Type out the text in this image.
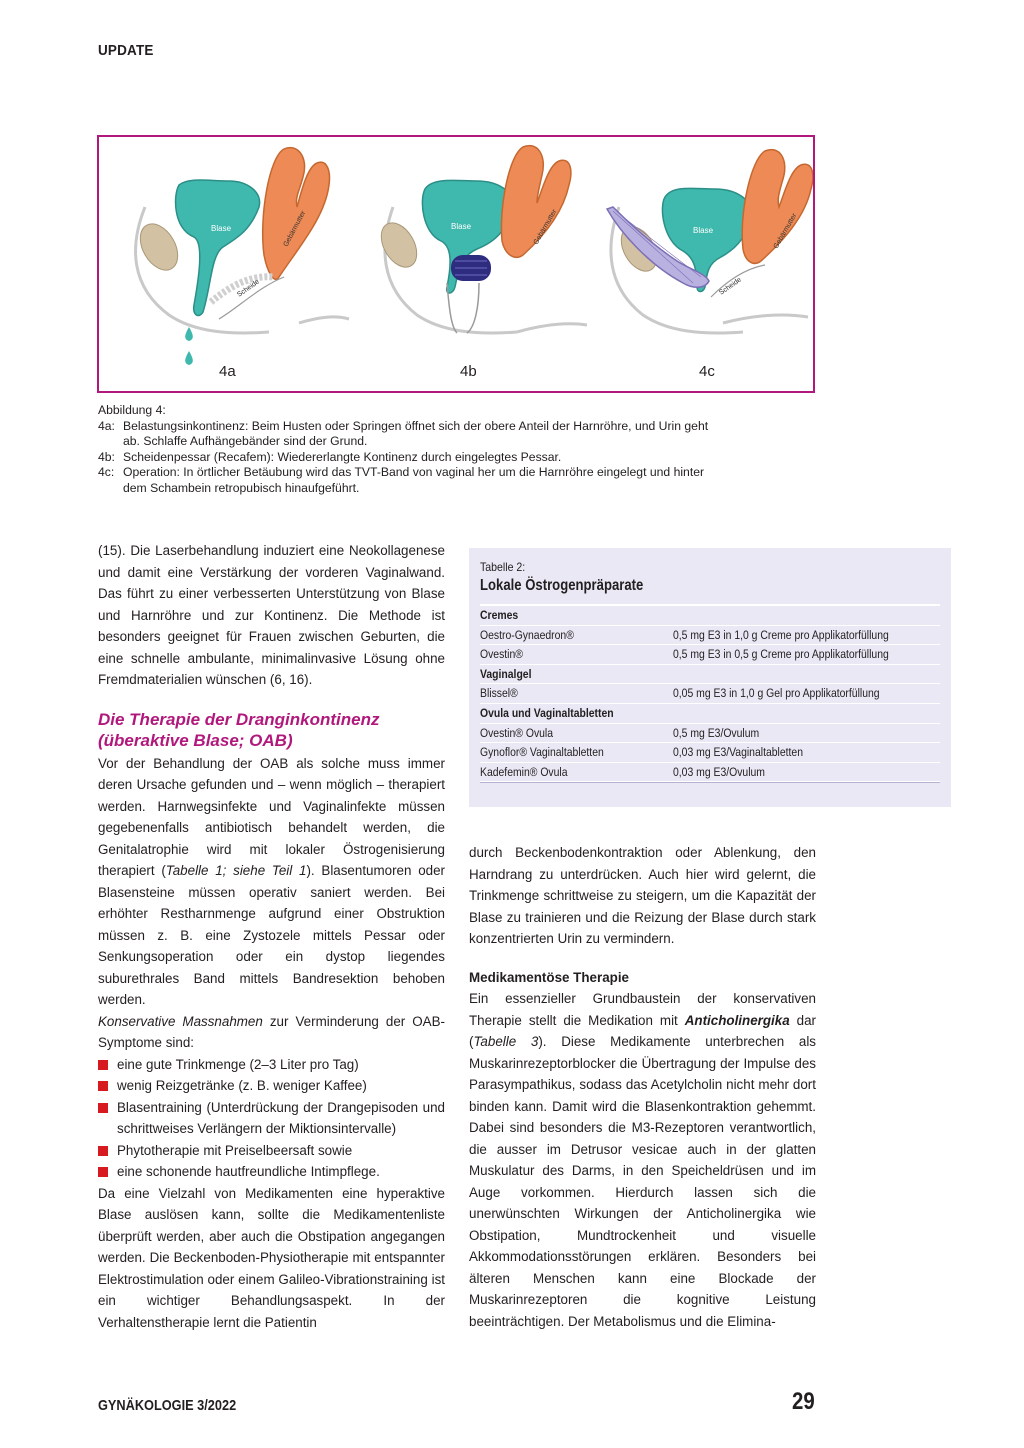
UPDATE
Blase	Gebärmutter
Scheide
Blase	Gebärmutter	Blase	Gebärmutter
Scheide
4a	4b	4c
Abbildung 4:
4a: Belastungsinkontinenz: Beim Husten oder Springen öffnet sich der obere Anteil der Harnröhre, und Urin geht
ab. Schlaffe Aufhängebänder sind der Grund.
4b: Scheidenpessar (Recafem): Wiedererlangte Kontinenz durch eingelegtes Pessar.
4c: Operation: In örtlicher Betäubung wird das TVT-Band von vaginal her um die Harnröhre eingelegt und hinter
dem Schambein retropubisch hinaufgeführt.

(15). Die Laserbehandlung induziert eine Neokollagenese und damit eine Verstärkung der vorderen Vaginalwand. Das führt zu einer verbesserten Unterstützung von Blase und Harnröhre und zur Kontinenz. Die Methode ist besonders geeignet für Frauen zwischen Geburten, die eine schnelle ambulante, minimalinvasive Lösung ohne Fremdmaterialien wünschen (6, 16).

Die Therapie der Dranginkontinenz (überaktive Blase; OAB)

Vor der Behandlung der OAB als solche muss immer deren Ursache gefunden und – wenn möglich – therapiert werden. Harnwegsinfekte und Vaginalinfekte müssen gegebenenfalls antibiotisch behandelt werden, die Genitalatrophie wird mit lokaler Östrogenisierung therapiert (Tabelle 1; siehe Teil 1). Blasentumoren oder Blasensteine müssen operativ saniert werden. Bei erhöhter Restharnmenge aufgrund einer Obstruktion müssen z. B. eine Zystozele mittels Pessar oder Senkungsoperation oder ein dystop liegendes suburethrales Band mittels Bandresektion behoben werden.

Konservative Massnahmen zur Verminderung der OAB-Symptome sind:

eine gute Trinkmenge (2–3 Liter pro Tag)
wenig Reizgetränke (z. B. weniger Kaffee)
Blasentraining (Unterdrückung der Drangepisoden und schrittweises Verlängern der Miktionsintervalle)
Phytotherapie mit Preiselbeersaft sowie
eine schonende hautfreundliche Intimpflege.

Da eine Vielzahl von Medikamenten eine hyperaktive Blase auslösen kann, sollte die Medikamentenliste überprüft werden, aber auch die Obstipation angegangen werden. Die Beckenboden-Physiotherapie mit entspannter Elektrostimulation oder einem Galileo-Vibrationstraining ist ein wichtiger Behandlungsaspekt. In der Verhaltenstherapie lernt die Patientin

Tabelle 2:
Lokale Östrogenpräparate
Cremes
Oestro-Gynaedron®	0,5 mg E3 in 1,0 g Creme pro Applikatorfüllung
Ovestin®	0,5 mg E3 in 0,5 g Creme pro Applikatorfüllung
Vaginalgel
Blissel®	0,05 mg E3 in 1,0 g Gel pro Applikatorfüllung
Ovula und Vaginaltabletten
Ovestin® Ovula	0,5 mg E3/Ovulum
Gynoflor® Vaginaltabletten	0,03 mg E3/Vaginaltabletten
Kadefemin® Ovula	0,03 mg E3/Ovulum

durch Beckenbodenkontraktion oder Ablenkung, den Harndrang zu unterdrücken. Auch hier wird gelernt, die Trinkmenge schrittweise zu steigern, um die Kapazität der Blase zu trainieren und die Reizung der Blase durch stark konzentrierten Urin zu vermindern.

Medikamentöse Therapie

Ein essenzieller Grundbaustein der konservativen Therapie stellt die Medikation mit Anticholinergika dar (Tabelle 3). Diese Medikamente unterbrechen als Muskarinrezeptorblocker die Übertragung der Impulse des Parasympathikus, sodass das Acetylcholin nicht mehr dort binden kann. Damit wird die Blasenkontraktion gehemmt. Dabei sind besonders die M3-Rezeptoren verantwortlich, die ausser im Detrusor vesicae auch in der glatten Muskulatur des Darms, in den Speicheldrüsen und im Auge vorkommen. Hierdurch lassen sich die unerwünschten Wirkungen der Anticholinergika wie Obstipation, Mundtrockenheit und visuelle Akkommodationsstörungen erklären. Besonders bei älteren Menschen kann eine Blockade der Muskarinrezeptoren die kognitive Leistung beeinträchtigen. Der Metabolismus und die Elimina-

GYNÄKOLOGIE 3/2022	29
